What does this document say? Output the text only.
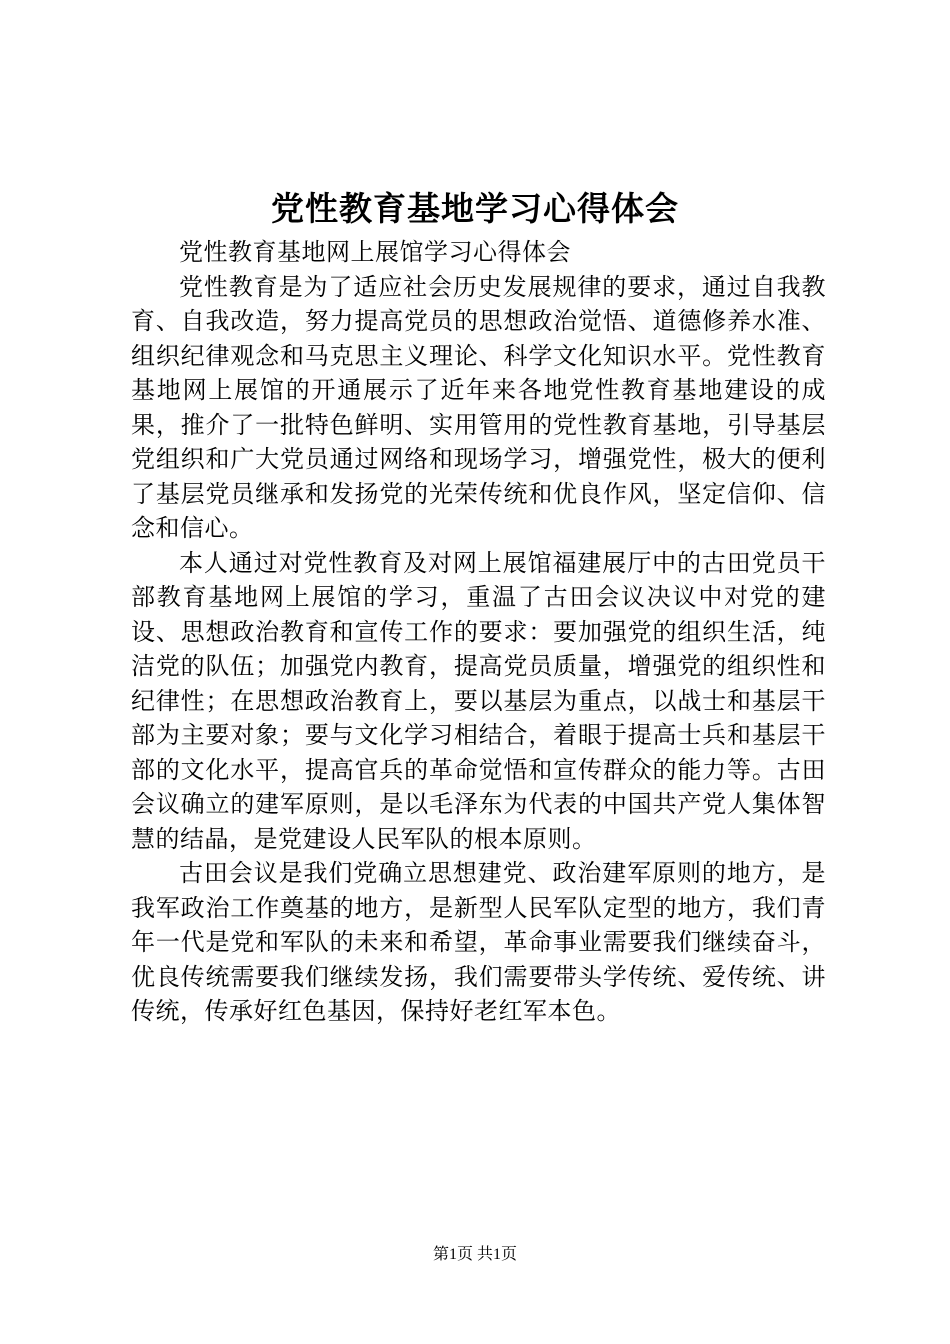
党性教育基地学习心得体会

党性教育基地网上展馆学习心得体会

党性教育是为了适应社会历史发展规律的要求，通过自我教育、自我改造，努力提高党员的思想政治觉悟、道德修养水准、组织纪律观念和马克思主义理论、科学文化知识水平。党性教育基地网上展馆的开通展示了近年来各地党性教育基地建设的成果，推介了一批特色鲜明、实用管用的党性教育基地，引导基层党组织和广大党员通过网络和现场学习，增强党性，极大的便利了基层党员继承和发扬党的光荣传统和优良作风，坚定信仰、信念和信心。

本人通过对党性教育及对网上展馆福建展厅中的古田党员干部教育基地网上展馆的学习，重温了古田会议决议中对党的建设、思想政治教育和宣传工作的要求：要加强党的组织生活，纯洁党的队伍；加强党内教育，提高党员质量，增强党的组织性和纪律性；在思想政治教育上，要以基层为重点，以战士和基层干部为主要对象；要与文化学习相结合，着眼于提高士兵和基层干部的文化水平，提高官兵的革命觉悟和宣传群众的能力等。古田会议确立的建军原则，是以毛泽东为代表的中国共产党人集体智慧的结晶，是党建设人民军队的根本原则。

古田会议是我们党确立思想建党、政治建军原则的地方，是我军政治工作奠基的地方，是新型人民军队定型的地方，我们青年一代是党和军队的未来和希望，革命事业需要我们继续奋斗，优良传统需要我们继续发扬，我们需要带头学传统、爱传统、讲传统，传承好红色基因，保持好老红军本色。

第1页 共1页
